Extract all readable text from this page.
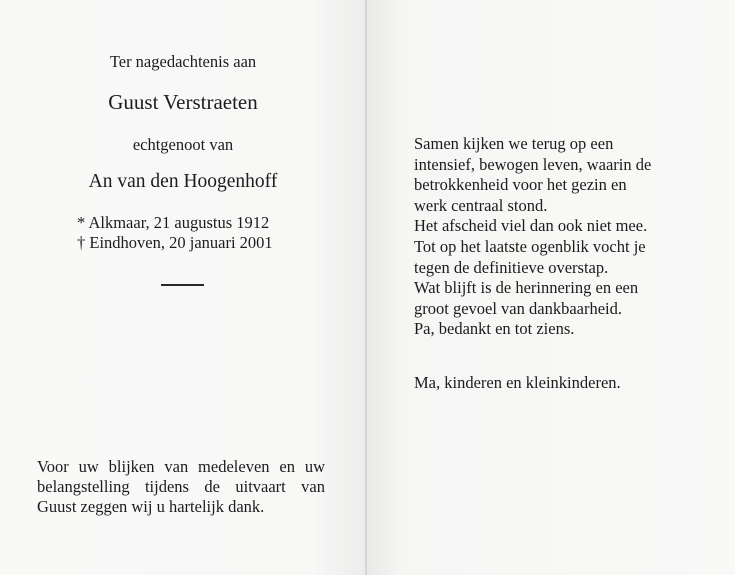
Ter nagedachtenis aan
Guust Verstraeten
echtgenoot van
An van den Hoogenhoff
* Alkmaar, 21 augustus 1912
† Eindhoven, 20 januari 2001
Voor uw blijken van medeleven en uw
belangstelling tijdens de uitvaart van
Guust zeggen wij u hartelijk dank.
Samen kijken we terug op een
intensief, bewogen leven, waarin de
betrokkenheid voor het gezin en
werk centraal stond.
Het afscheid viel dan ook niet mee.
Tot op het laatste ogenblik vocht je
tegen de definitieve overstap.
Wat blijft is de herinnering en een
groot gevoel van dankbaarheid.
Pa, bedankt en tot ziens.
Ma, kinderen en kleinkinderen.
